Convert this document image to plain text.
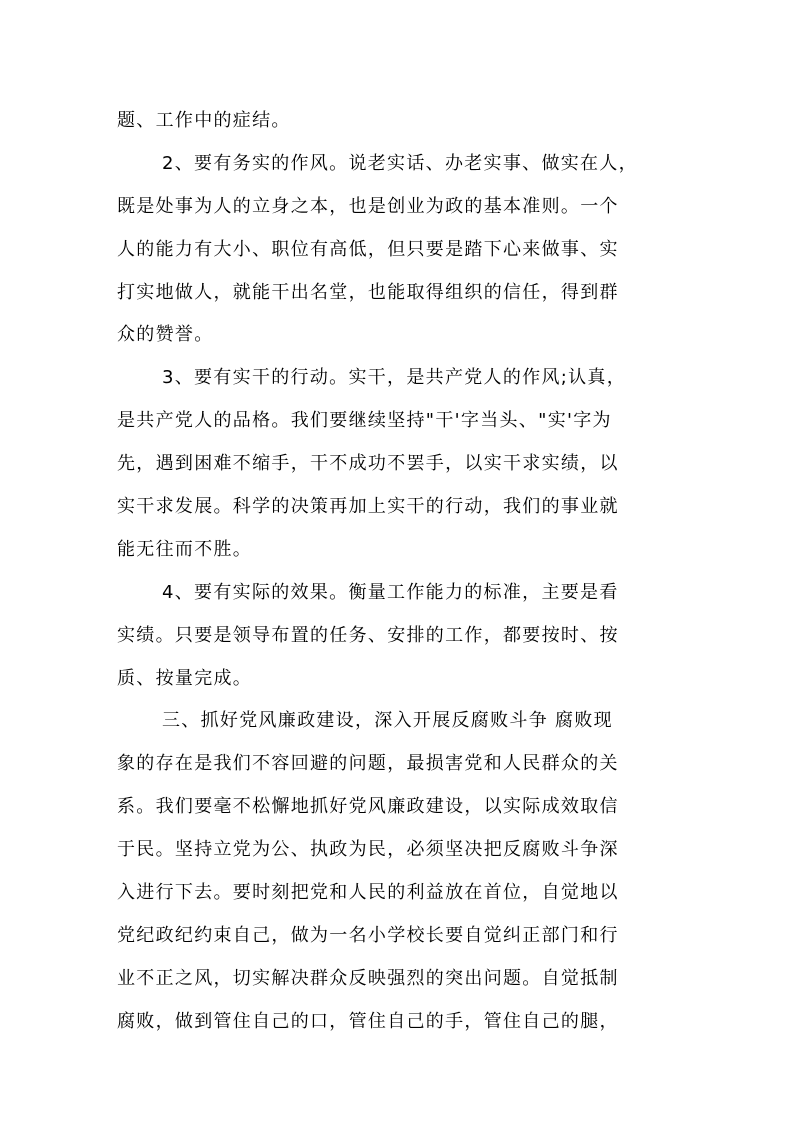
题、工作中的症结。
2、要有务实的作风。说老实话、办老实事、做实在人，
既是处事为人的立身之本，也是创业为政的基本准则。一个
人的能力有大小、职位有高低，但只要是踏下心来做事、实
打实地做人，就能干出名堂，也能取得组织的信任，得到群
众的赞誉。
3、要有实干的行动。实干，是共产党人的作风;认真，
是共产党人的品格。我们要继续坚持"干'字当头、"实'字为
先，遇到困难不缩手，干不成功不罢手，以实干求实绩，以
实干求发展。科学的决策再加上实干的行动，我们的事业就
能无往而不胜。
4、要有实际的效果。衡量工作能力的标准，主要是看
实绩。只要是领导布置的任务、安排的工作，都要按时、按
质、按量完成。
三、抓好党风廉政建设，深入开展反腐败斗争 腐败现
象的存在是我们不容回避的问题，最损害党和人民群众的关
系。我们要毫不松懈地抓好党风廉政建设，以实际成效取信
于民。坚持立党为公、执政为民，必须坚决把反腐败斗争深
入进行下去。要时刻把党和人民的利益放在首位，自觉地以
党纪政纪约束自己，做为一名小学校长要自觉纠正部门和行
业不正之风，切实解决群众反映强烈的突出问题。自觉抵制
腐败，做到管住自己的口，管住自己的手，管住自己的腿，
